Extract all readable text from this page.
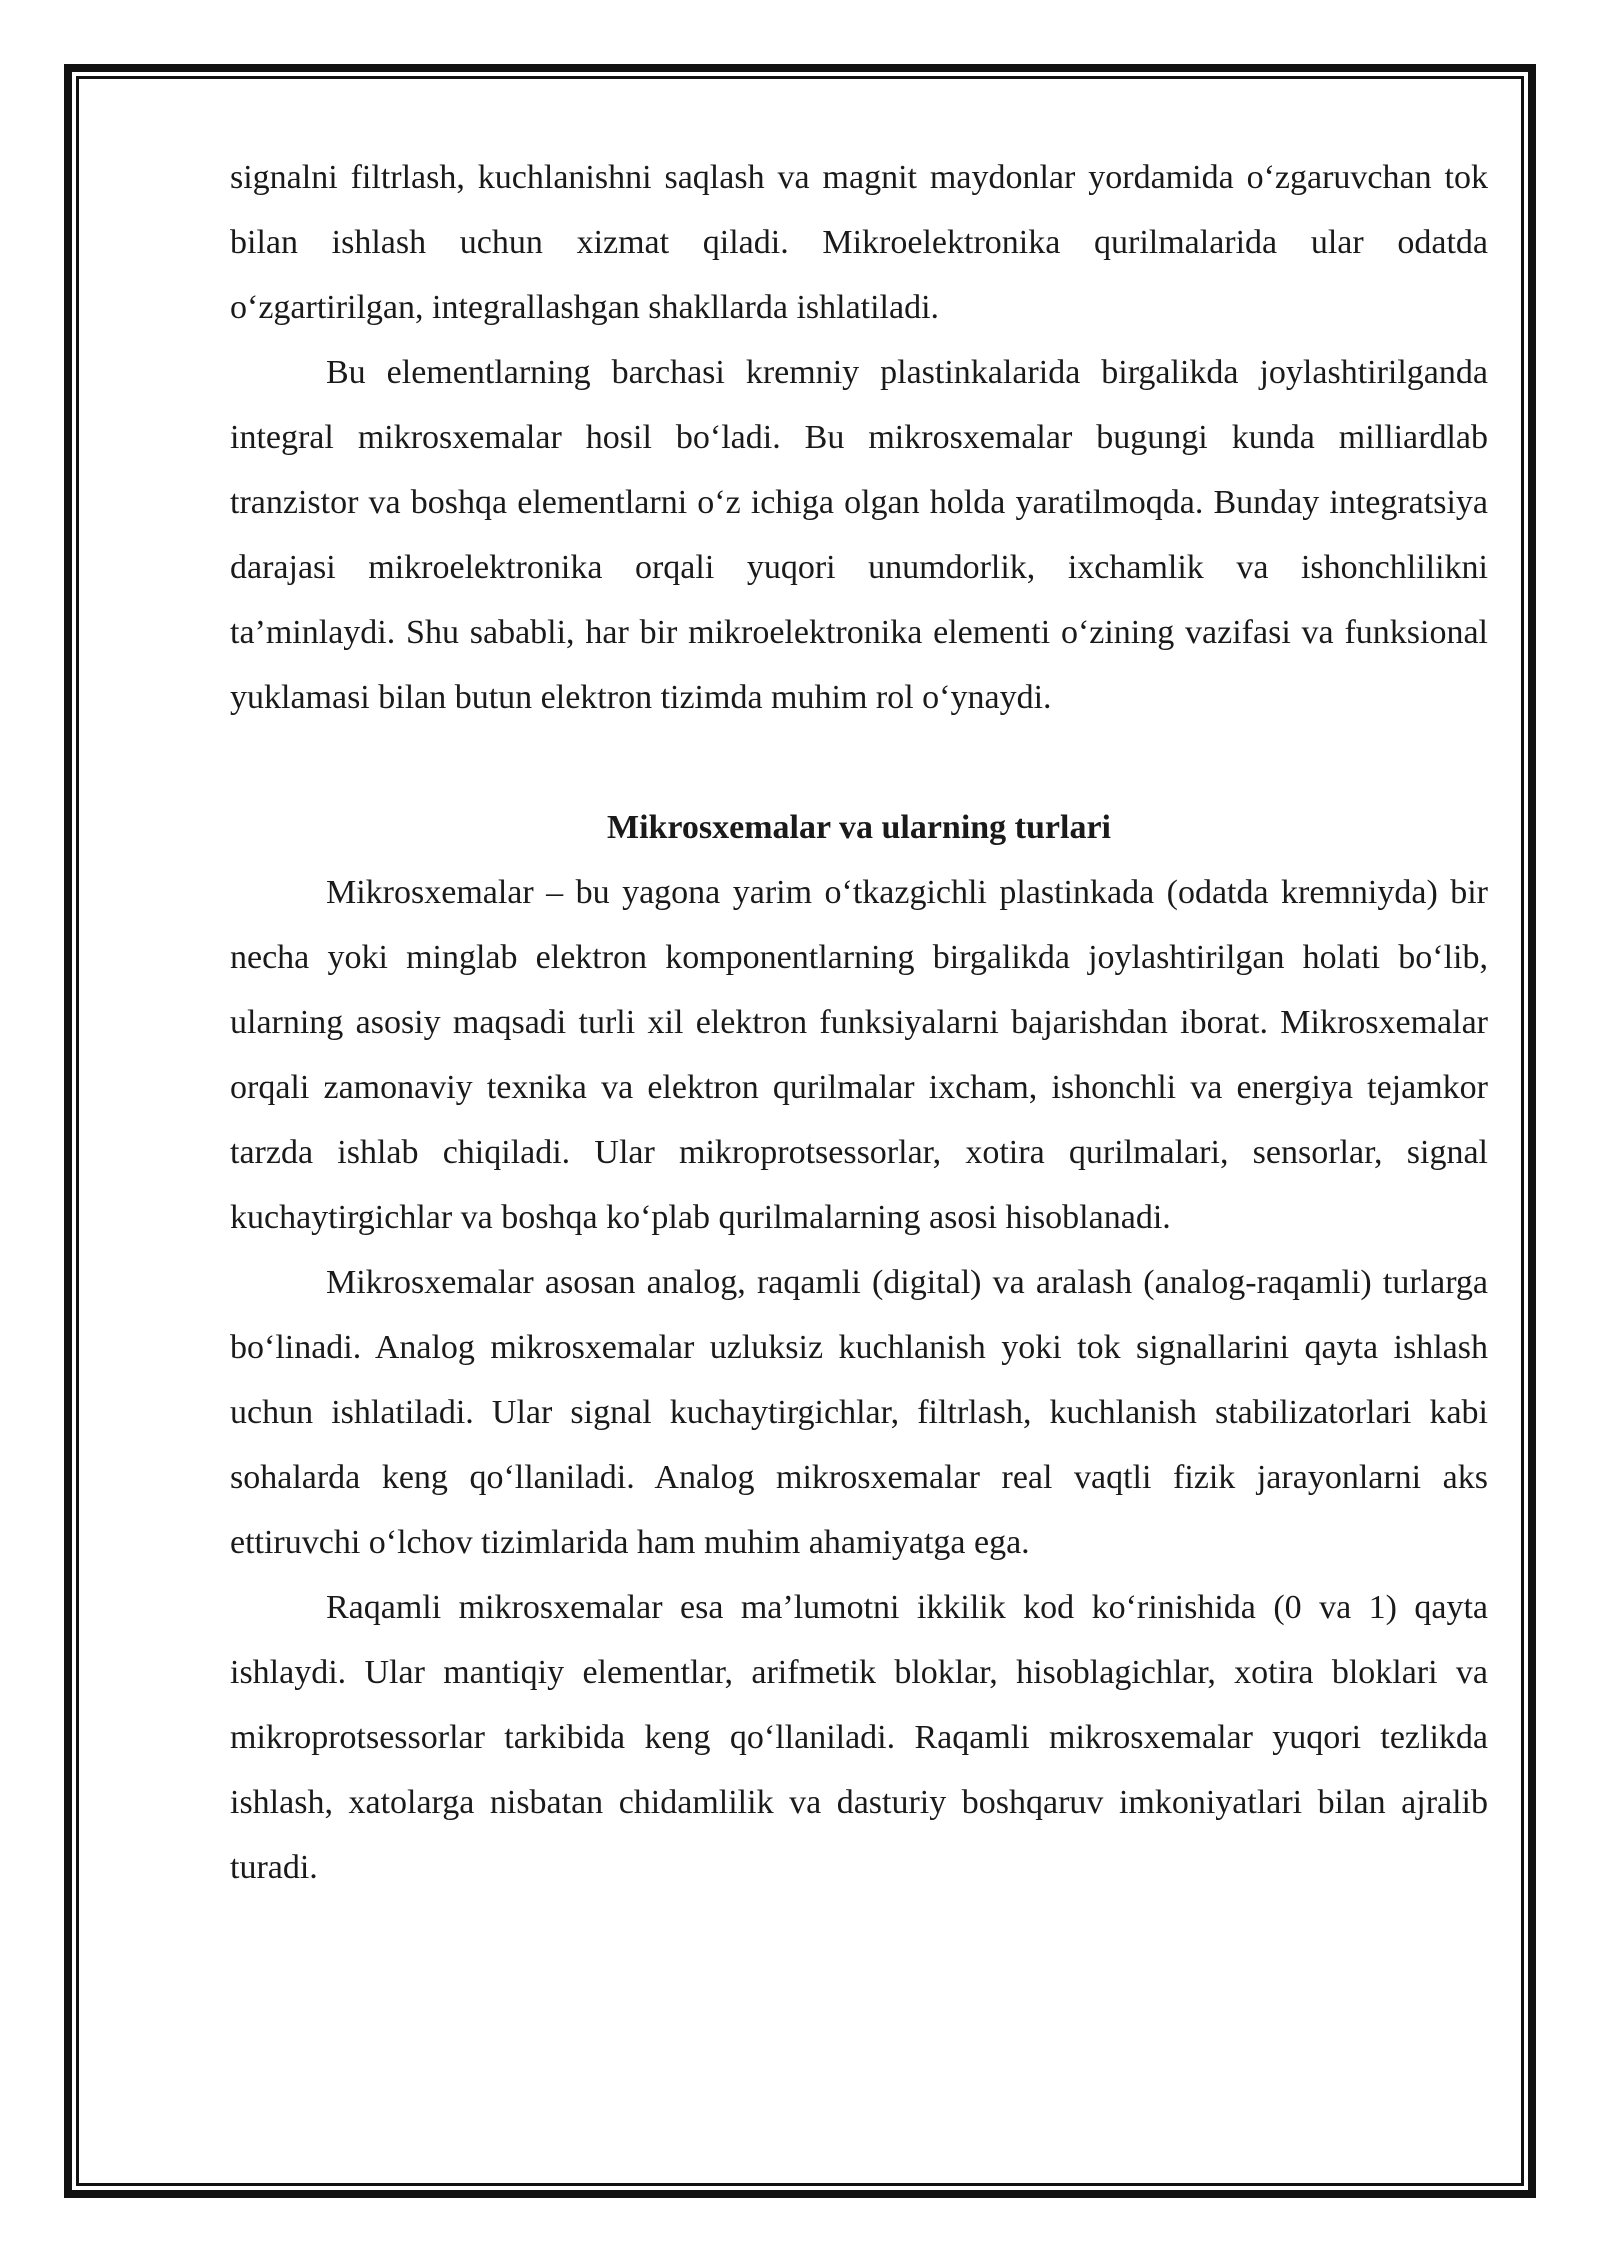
signalni filtrlash, kuchlanishni saqlash va magnit maydonlar yordamida o‘zgaruvchan tok bilan ishlash uchun xizmat qiladi. Mikroelektronika qurilmalarida ular odatda o‘zgartirilgan, integrallashgan shakllarda ishlatiladi.

Bu elementlarning barchasi kremniy plastinkalarida birgalikda joylashtirilganda integral mikrosxemalar hosil bo‘ladi. Bu mikrosxemalar bugungi kunda milliardlab tranzistor va boshqa elementlarni o‘z ichiga olgan holda yaratilmoqda. Bunday integratsiya darajasi mikroelektronika orqali yuqori unumdorlik, ixchamlik va ishonchlilikni ta’minlaydi. Shu sababli, har bir mikroelektronika elementi o‘zining vazifasi va funksional yuklamasi bilan butun elektron tizimda muhim rol o‘ynaydi.

Mikrosxemalar va ularning turlari

Mikrosxemalar – bu yagona yarim o‘tkazgichli plastinkada (odatda kremniyda) bir necha yoki minglab elektron komponentlarning birgalikda joylashtirilgan holati bo‘lib, ularning asosiy maqsadi turli xil elektron funksiyalarni bajarishdan iborat. Mikrosxemalar orqali zamonaviy texnika va elektron qurilmalar ixcham, ishonchli va energiya tejamkor tarzda ishlab chiqiladi. Ular mikroprotsessorlar, xotira qurilmalari, sensorlar, signal kuchaytirgichlar va boshqa ko‘plab qurilmalarning asosi hisoblanadi.

Mikrosxemalar asosan analog, raqamli (digital) va aralash (analog-raqamli) turlarga bo‘linadi. Analog mikrosxemalar uzluksiz kuchlanish yoki tok signallarini qayta ishlash uchun ishlatiladi. Ular signal kuchaytirgichlar, filtrlash, kuchlanish stabilizatorlari kabi sohalarda keng qo‘llaniladi. Analog mikrosxemalar real vaqtli fizik jarayonlarni aks ettiruvchi o‘lchov tizimlarida ham muhim ahamiyatga ega.

Raqamli mikrosxemalar esa ma’lumotni ikkilik kod ko‘rinishida (0 va 1) qayta ishlaydi. Ular mantiqiy elementlar, arifmetik bloklar, hisoblagichlar, xotira bloklari va mikroprotsessorlar tarkibida keng qo‘llaniladi. Raqamli mikrosxemalar yuqori tezlikda ishlash, xatolarga nisbatan chidamlilik va dasturiy boshqaruv imkoniyatlari bilan ajralib turadi.
